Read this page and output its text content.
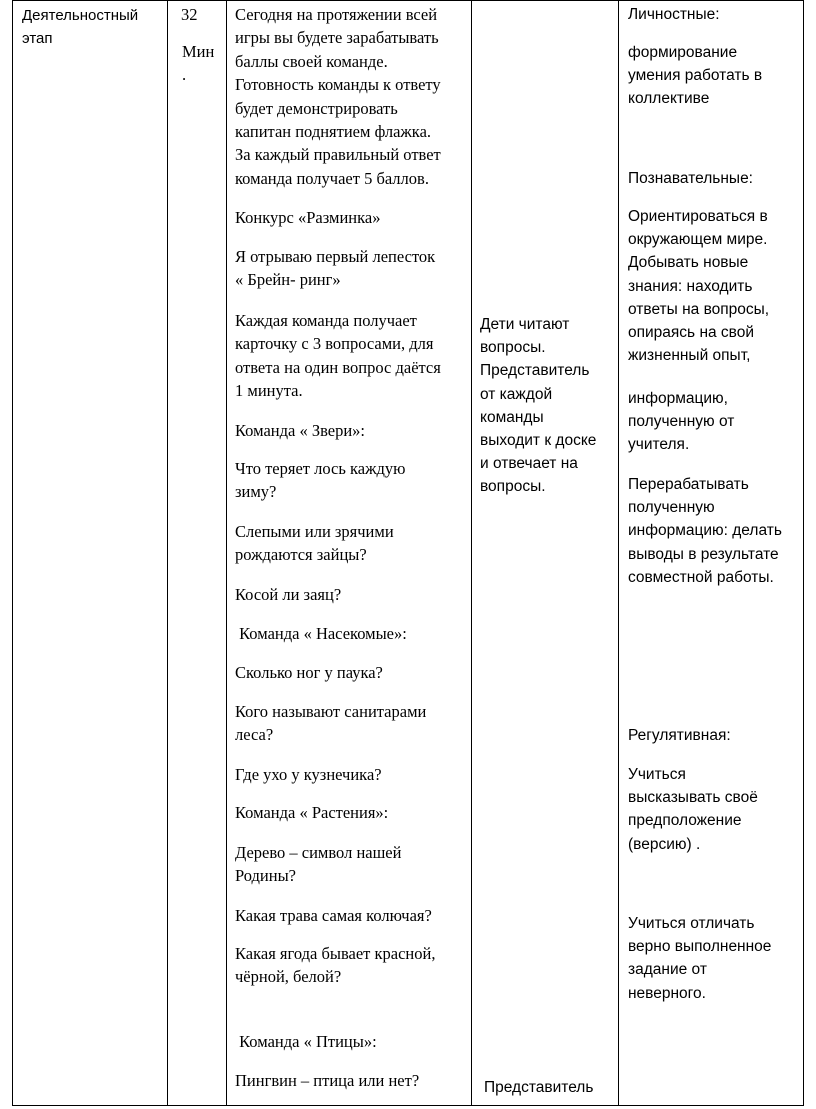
Деятельностный
этап
32
Мин
.
Сегодня на протяжении всей
игры вы будете зарабатывать
баллы своей команде.
Готовность команды к ответу
будет демонстрировать
капитан поднятием флажка.
За каждый правильный ответ
команда получает 5 баллов.
Конкурс «Разминка»
Я отрываю первый лепесток
« Брейн- ринг»
Каждая команда получает
карточку с 3 вопросами, для
ответа на один вопрос даётся
1 минута.
Команда « Звери»:
Что теряет лось каждую
зиму?
Слепыми или зрячими
рождаются зайцы?
Косой ли заяц?
Команда « Насекомые»:
Сколько ног у паука?
Кого называют санитарами
леса?
Где ухо у кузнечика?
Команда « Растения»:
Дерево – символ нашей
Родины?
Какая трава самая колючая?
Какая ягода бывает красной,
чёрной, белой?
Команда « Птицы»:
Пингвин – птица или нет?
Дети читают
вопросы.
Представитель
от каждой
команды
выходит к доске
и отвечает на
вопросы.
Представитель
Личностные:
формирование
умения работать в
коллективе
Познавательные:
Ориентироваться в
окружающем мире.
Добывать новые
знания: находить
ответы на вопросы,
опираясь на свой
жизненный опыт,
информацию,
полученную от
учителя.
Перерабатывать
полученную
информацию: делать
выводы в результате
совместной работы.
Регулятивная:
Учиться
высказывать своё
предположение
(версию) .
Учиться отличать
верно выполненное
задание от
неверного.
